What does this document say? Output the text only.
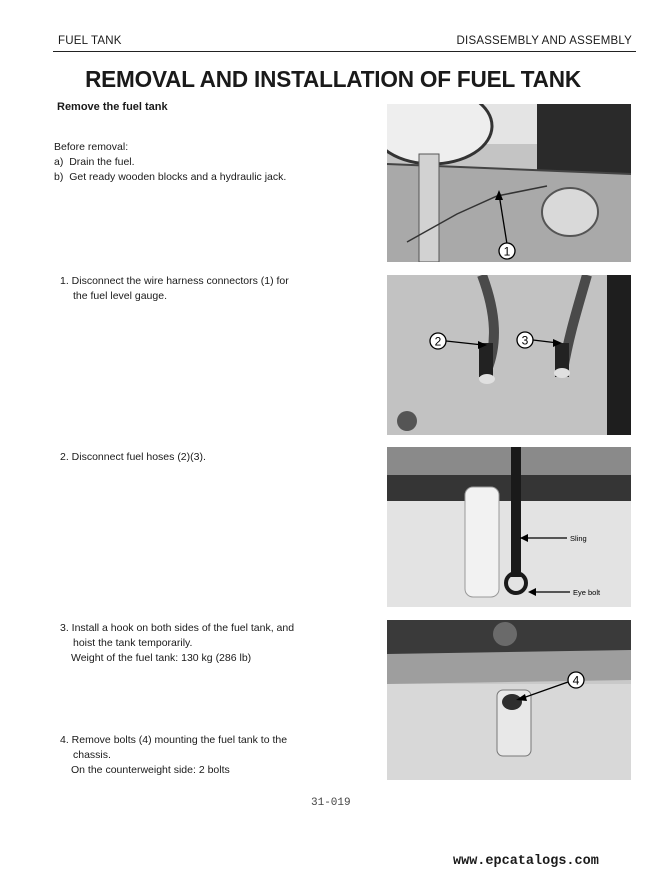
FUEL TANK	DISASSEMBLY AND ASSEMBLY
REMOVAL AND INSTALLATION OF FUEL TANK
Remove the fuel tank
Before removal:
a) Drain the fuel.
b) Get ready wooden blocks and a hydraulic jack.
1. Disconnect the wire harness connectors (1) for
the fuel level gauge.
2. Disconnect fuel hoses (2)(3).
3. Install a hook on both sides of the fuel tank, and
hoist the tank temporarily.
Weight of the fuel tank: 130 kg (286 lb)
4. Remove bolts (4) mounting the fuel tank to the
chassis.
On the counterweight side: 2 bolts
1
2	3
Sling
Eye bolt
4
31-019
www.epcatalogs.com
